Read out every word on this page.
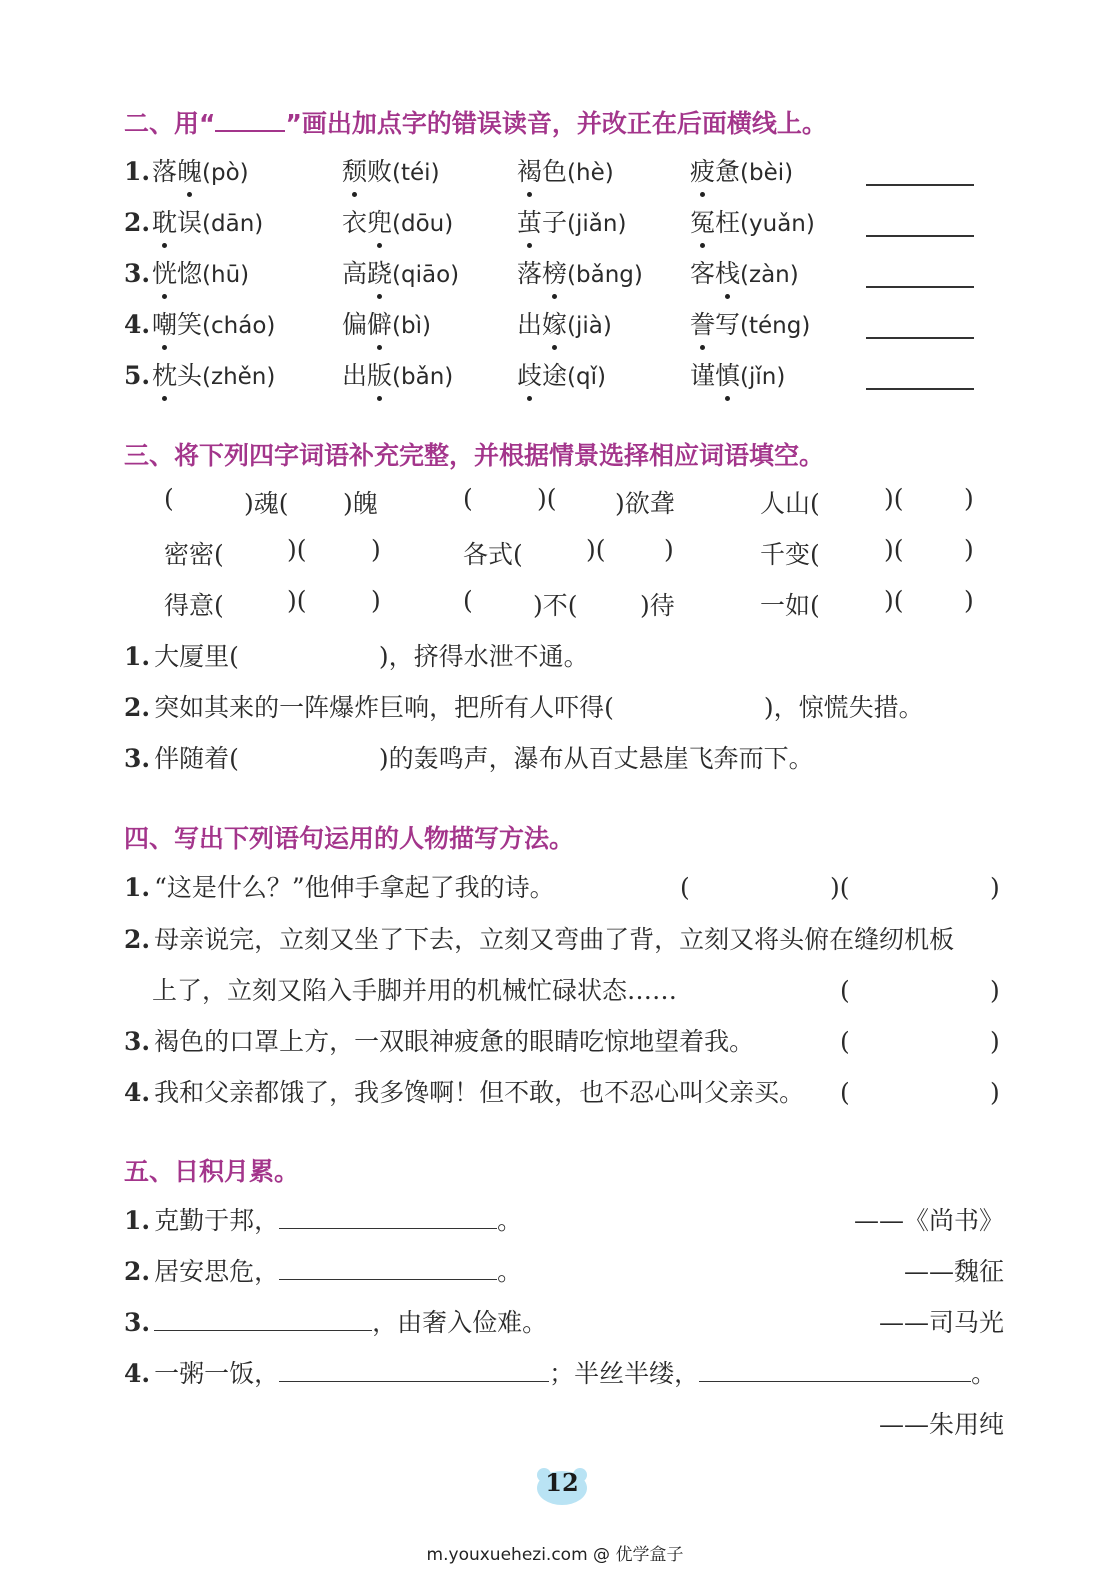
二、用“	”画出加点字的错误读音，并改正在后面横线上。
1. 落魄(pò)	颓败(téi)	褐色(hè)	疲惫(bèi)
2. 耽误(dān)	衣兜(dōu)	茧子(jiǎn)	冤枉(yuǎn)
3. 恍惚(hū)	高跷(qiāo) 落榜(bǎng) 客栈(zàn)
4. 嘲笑(cháo)	偏僻(bì)	出嫁(jià)	誊写(téng)
5. 枕头(zhěn)	出版(bǎn)	歧途(qǐ)	谨慎(jǐn)
三、将下列四字词语补充完整，并根据情景选择相应词语填空。
(	)魂( )魄	(	)( )欲聋	人山(	)( )
密密(	)(	)	各式(	)( )	千变(	)( )
得意(	)(	)	( )不( )待	一如(	)( )
1. 大厦里(	)，挤得水泄不通。
2. 突如其来的一阵爆炸巨响，把所有人吓得(	)，惊慌失措。
3. 伴随着(	)的轰鸣声，瀑布从百丈悬崖飞奔而下。
四、写出下列语句运用的人物描写方法。
1. “这是什么？”他伸手拿起了我的诗。	(	)(	)
2. 母亲说完，立刻又坐了下去，立刻又弯曲了背，立刻又将头俯在缝纫机板
上了，立刻又陷入手脚并用的机械忙碌状态……	(	)
3. 褐色的口罩上方，一双眼神疲惫的眼睛吃惊地望着我。	(	)
4. 我和父亲都饿了，我多馋啊！但不敢，也不忍心叫父亲买。 (	)
五、日积月累。
1. 克勤于邦，	。	——《尚书》
2. 居安思危，	。	——魏征
3.	，由奢入俭难。	——司马光
4. 一粥一饭，	；半丝半缕，	。
——朱用纯
12
m.youxuehezi.com @ 优学盒子
